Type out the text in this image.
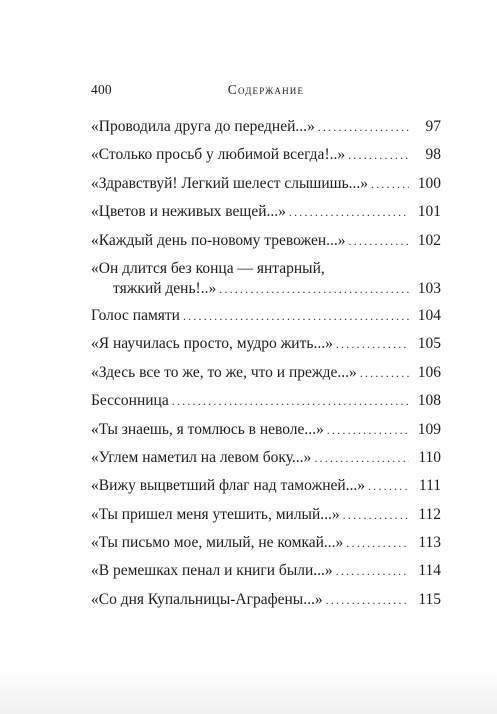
400	Содержание
«Проводила друга до передней...» .....	97
«Столько просьб у любимой всегда!..» .....	98
«Здравствуй! Легкий шелест слышишь...» .....	100
«Цветов и неживых вещей...» .....	101
«Каждый день по-новому тревожен...» .....	102
«Он длится без конца — янтарный,
тяжкий день!..» .....	103
Голос памяти .....	104
«Я научилась просто, мудро жить...» .....	105
«Здесь все то же, то же, что и прежде...» .....	106
Бессонница .....	108
«Ты знаешь, я томлюсь в неволе...» .....	109
«Углем наметил на левом боку...» .....	110
«Вижу выцветший флаг над таможней...» .....	111
«Ты пришел меня утешить, милый...» .....	112
«Ты письмо мое, милый, не комкай...» .....	113
«В ремешках пенал и книги были...» .....	114
«Со дня Купальницы-Аграфены...» .....	115
